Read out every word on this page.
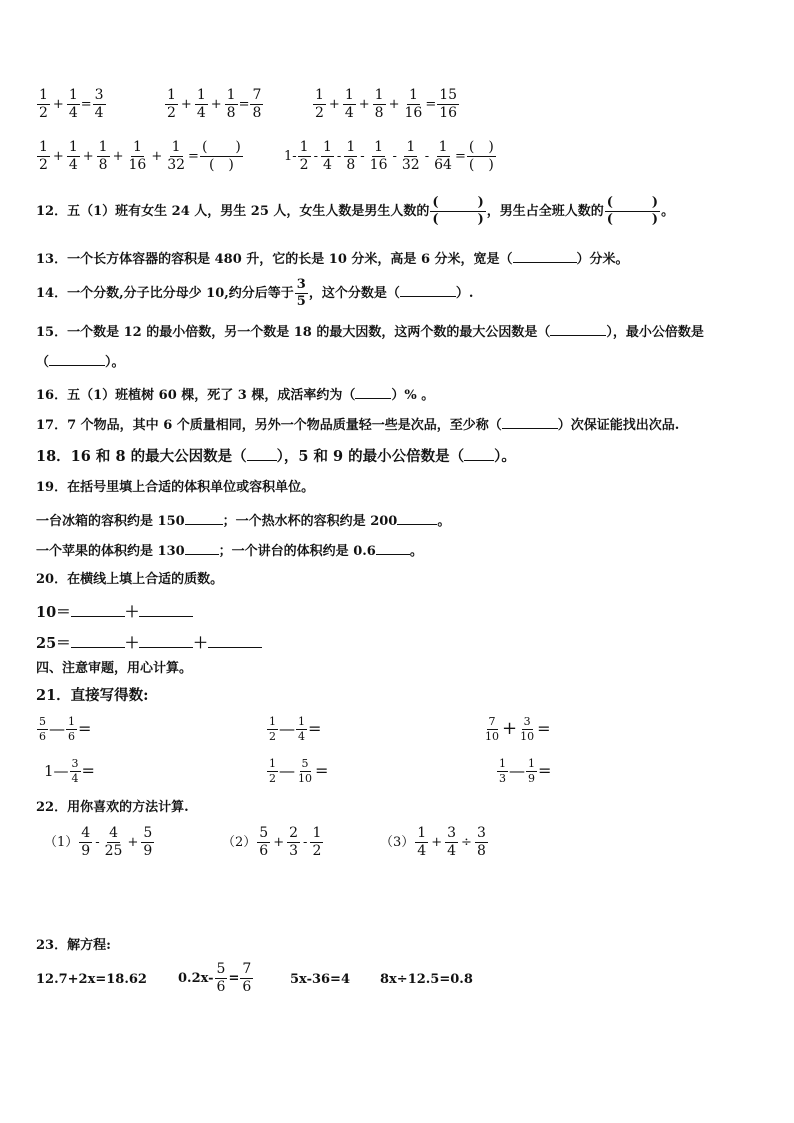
$\frac{1}{2} + \frac{1}{4} = \frac{3}{4}$	$\frac{1}{2} + \frac{1}{4} + \frac{1}{8} = \frac{7}{8}$	$\frac{1}{2} + \frac{1}{4} + \frac{1}{8} + \frac{1}{16} = \frac{15}{16}$
$\frac{1}{2} + \frac{1}{4} + \frac{1}{8} + \frac{1}{16} + \frac{1}{32} = \frac{( )}{( )}$	$1- \frac{1}{2} - \frac{1}{4} - \frac{1}{8} - \frac{1}{16} - \frac{1}{32} - \frac{1}{64} = \frac{( )}{( )}$
12．五（1）班有女生 24 人，男生 25 人，女生人数是男生人数的 $\frac{( )}{( )}$ ，男生占全班人数的 $\frac{( )}{( )}$ 。
13．一个长方体容器的容积是 480 升，它的长是 10 分米，高是 6 分米，宽是（	）分米。
14．一个分数,分子比分母少 10,约分后等于 $\frac{3}{5}$ ，这个分数是（	）.
15．一个数是 12 的最小倍数，另一个数是 18 的最大因数，这两个数的最大公因数是（	），最小公倍数是
（	）。
16．五（1）班植树 60 棵，死了 3 棵，成活率约为（	）% 。
17．7 个物品，其中 6 个质量相同，另外一个物品质量轻一些是次品，至少称（	）次保证能找出次品.
18．16 和 8 的最大公因数是（ ），5 和 9 的最小公倍数是（ ）。
19．在括号里填上合适的体积单位或容积单位。
一台冰箱的容积约是 150	；一个热水杯的容积约是 200	。
一个苹果的体积约是 130	；一个讲台的体积约是 0.6	。
20．在横线上填上合适的质数。
10＝	＋
25＝	＋	＋
四、注意审题，用心计算。
21．直接写得数:
$\frac{5}{6}$ — $\frac{1}{6}$ =	$\frac{1}{2}$ — $\frac{1}{4}$ =	$\frac{7}{10} + \frac{3}{10}$ =
1— $\frac{3}{4}$ =	$\frac{1}{2}$ — $\frac{5}{10}$ =	$\frac{1}{3}$ — $\frac{1}{9}$ =
22．用你喜欢的方法计算.
$(1) \frac{4}{9} - \frac{4}{25} + \frac{5}{9}$	$(2) \frac{5}{6} + \frac{2}{3} - \frac{1}{2}$	$(3) \frac{1}{4} + \frac{3}{4} \div \frac{3}{8}$
23．解方程:
12.7+2x=18.62 $0.2x- \frac{5}{6} = \frac{7}{6}$	5x-36=4 8x÷12.5=0.8
